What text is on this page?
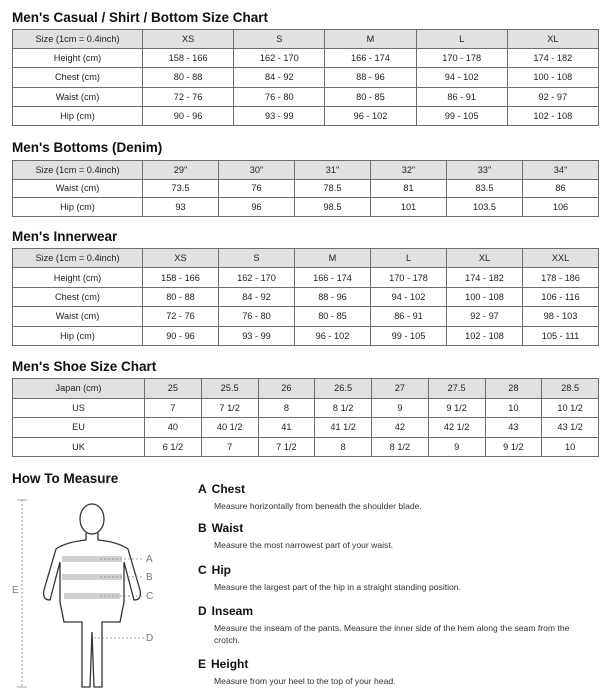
Men's Casual / Shirt / Bottom Size Chart
Size (1cm = 0.4inch)	XS	S	M	L	XL
Height (cm)	158 - 166	162 - 170	166 - 174	170 - 178	174 - 182
Chest (cm)	80 - 88	84 - 92	88 - 96	94 - 102	100 - 108
Waist (cm)	72 - 76	76 - 80	80 - 85	86 - 91	92 - 97
Hip (cm)	90 - 96	93 - 99	96 - 102	99 - 105	102 - 108
Men's Bottoms (Denim)
Size (1cm = 0.4inch)	29"	30"	31"	32"	33"	34"
Waist (cm)	73.5	76	78.5	81	83.5	86
Hip (cm)	93	96	98.5	101	103.5	106
Men's Innerwear
Size (1cm = 0.4inch)	XS	S	M	L	XL	XXL
Height (cm)	158 - 166	162 - 170	166 - 174	170 - 178	174 - 182	178 - 186
Chest (cm)	80 - 88	84 - 92	88 - 96	94 - 102	100 - 108	106 - 116
Waist (cm)	72 - 76	76 - 80	80 - 85	86 - 91	92 - 97	98 - 103
Hip (cm)	90 - 96	93 - 99	96 - 102	99 - 105	102 - 108	105 - 111
Men's Shoe Size Chart
Japan (cm)	25	25.5	26	26.5	27	27.5	28	28.5
US	7	7 1/2	8	8 1/2	9	9 1/2	10	10 1/2
EU	40	40 1/2	41	41 1/2	42	42 1/2	43	43 1/2
UK	6 1/2	7	7 1/2	8	8 1/2	9	9 1/2	10
How To Measure
A
B
C
D
E
A Chest
Measure horizontally from beneath the shoulder blade.
B Waist
Measure the most narrowest part of your waist.
C Hip
Measure the largest part of the hip in a straight standing position.
D Inseam
Measure the inseam of the pants. Measure the inner side of the hem along the seam from the crotch.
E Height
Measure from your heel to the top of your head.
